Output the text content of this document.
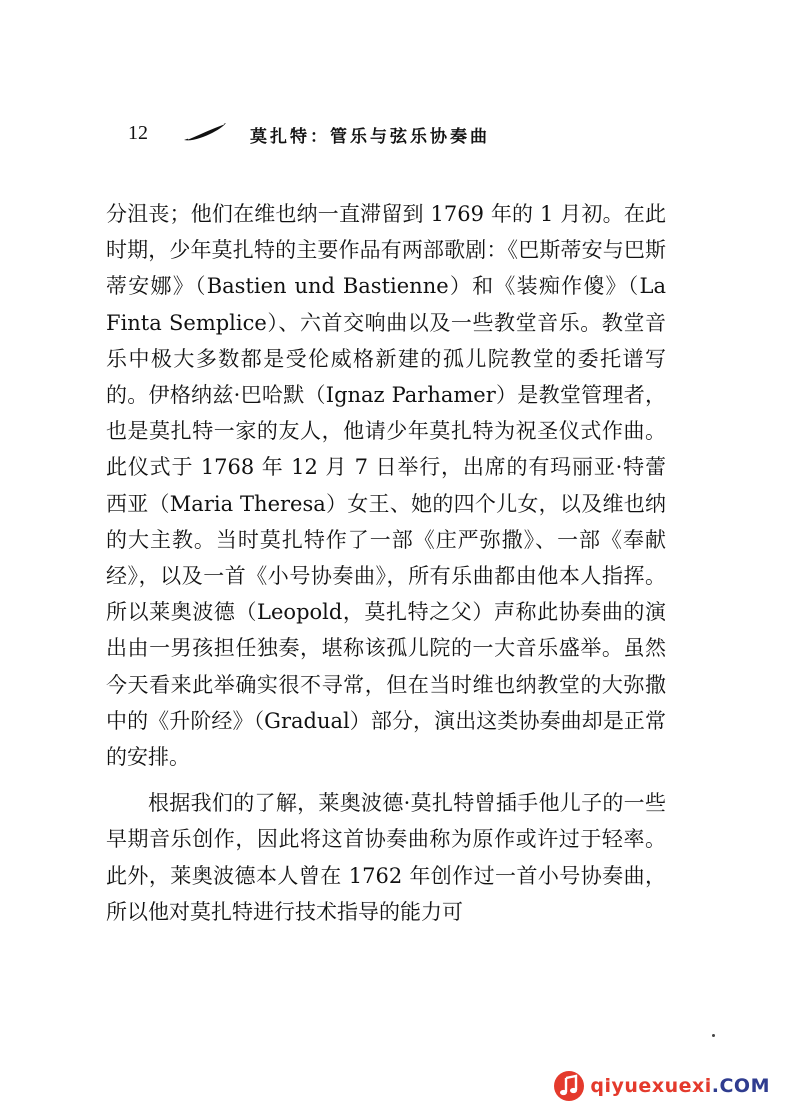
12	莫扎特：管乐与弦乐协奏曲

分沮丧；他们在维也纳一直滞留到 1769 年的 1 月初。在此时期，少年莫扎特的主要作品有两部歌剧：《巴斯蒂安与巴斯蒂安娜》（Bastien und Bastienne）和《装痴作傻》（La Finta Semplice）、六首交响曲以及一些教堂音乐。教堂音乐中极大多数都是受伦威格新建的孤儿院教堂的委托谱写的。伊格纳兹·巴哈默（Ignaz Parhamer）是教堂管理者，也是莫扎特一家的友人，他请少年莫扎特为祝圣仪式作曲。此仪式于 1768 年 12 月 7 日举行，出席的有玛丽亚·特蕾西亚（Maria Theresa）女王、她的四个儿女，以及维也纳的大主教。当时莫扎特作了一部《庄严弥撒》、一部《奉献经》，以及一首《小号协奏曲》，所有乐曲都由他本人指挥。所以莱奥波德（Leopold，莫扎特之父）声称此协奏曲的演出由一男孩担任独奏，堪称该孤儿院的一大音乐盛举。虽然今天看来此举确实很不寻常，但在当时维也纳教堂的大弥撒中的《升阶经》（Gradual）部分，演出这类协奏曲却是正常的安排。

根据我们的了解，莱奥波德·莫扎特曾插手他儿子的一些早期音乐创作，因此将这首协奏曲称为原作或许过于轻率。此外，莱奥波德本人曾在 1762 年创作过一首小号协奏曲，所以他对莫扎特进行技术指导的能力可

qiyuexuexi.COM
